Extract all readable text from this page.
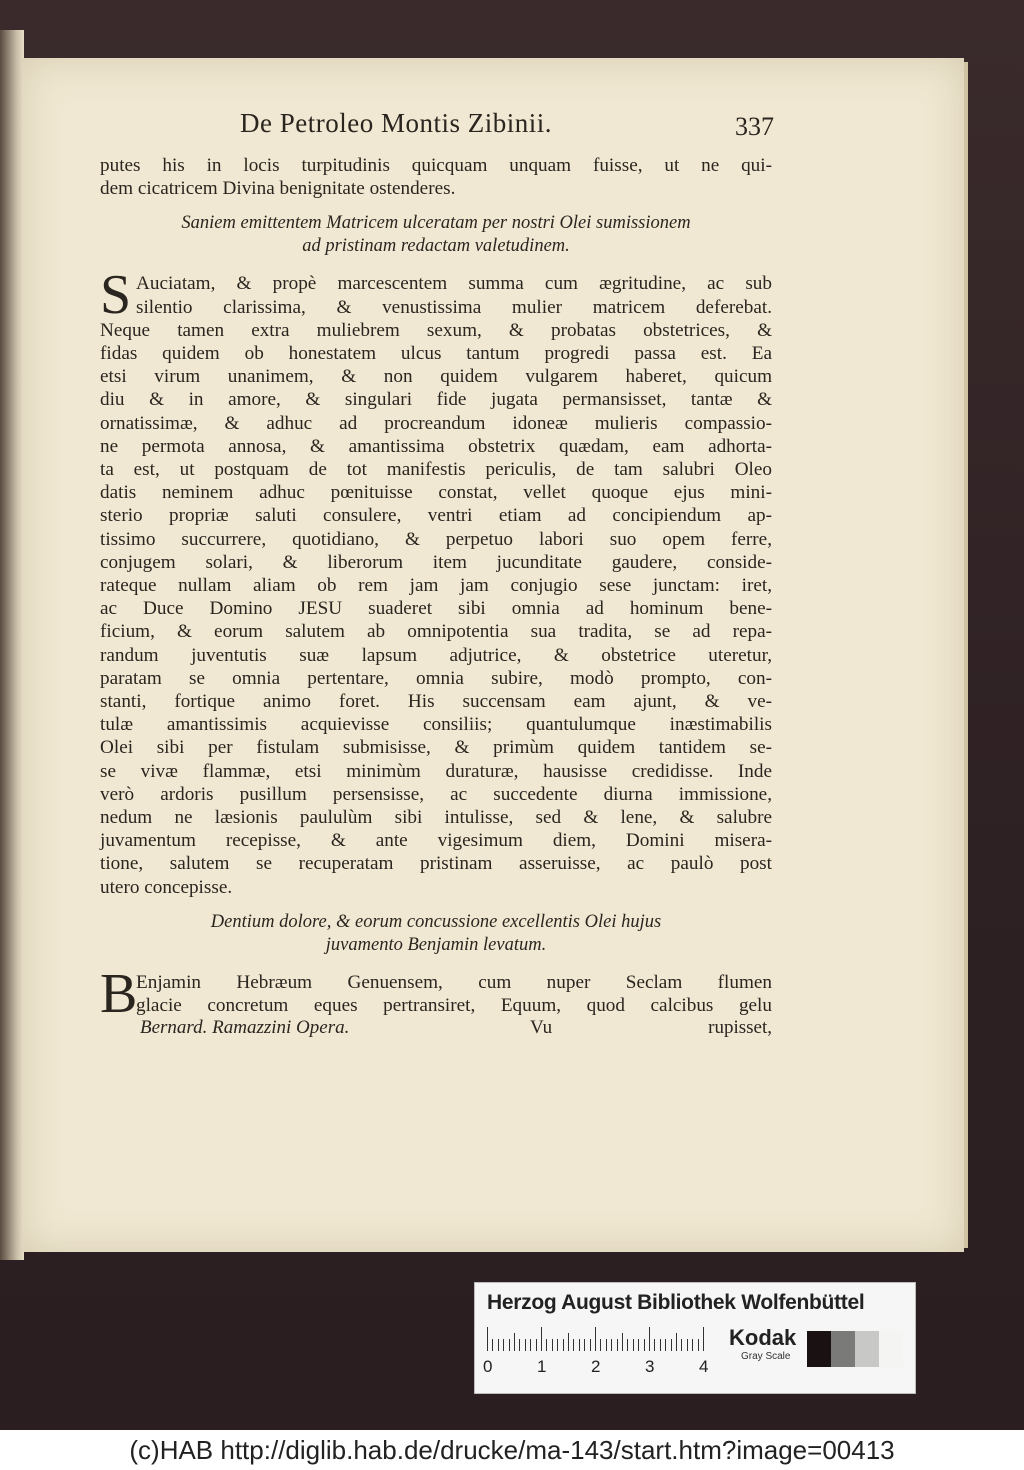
De Petroleo Montis Zibinii.	337

putes his in locis turpitudinis quicquam unquam fuisse, ut ne qui-
dem cicatricem Divina benignitate ostenderes.

Saniem emittentem Matricem ulceratam per nostri Olei sumissionem
ad pristinam redactam valetudinem.
S Auciatam, & propè marcescentem summa cum ægritudine, ac sub
silentio clarissima, & venustissima mulier matricem deferebat.
Neque tamen extra muliebrem sexum, & probatas obstetrices, &
fidas quidem ob honestatem ulcus tantum progredi passa est. Ea
etsi virum unanimem, & non quidem vulgarem haberet, quicum
diu & in amore, & singulari fide jugata permansisset, tantæ &
ornatissimæ, & adhuc ad procreandum idoneæ mulieris compassio-
ne permota annosa, & amantissima obstetrix quædam, eam adhorta-
ta est, ut postquam de tot manifestis periculis, de tam salubri Oleo
datis neminem adhuc pœnituisse constat, vellet quoque ejus mini-
sterio propriæ saluti consulere, ventri etiam ad concipiendum ap-
tissimo succurrere, quotidiano, & perpetuo labori suo opem ferre,
conjugem solari, & liberorum item jucunditate gaudere, conside-
rateque nullam aliam ob rem jam jam conjugio sese junctam: iret,
ac Duce Domino JESU suaderet sibi omnia ad hominum bene-
ficium, & eorum salutem ab omnipotentia sua tradita, se ad repa-
randum juventutis suæ lapsum adjutrice, & obstetrice uteretur,
paratam se omnia pertentare, omnia subire, modò prompto, con-
stanti, fortique animo foret. His succensam eam ajunt, & ve-
tulæ amantissimis acquievisse consiliis; quantulumque inæstimabilis
Olei sibi per fistulam submisisse, & primùm quidem tantidem se-
se vivæ flammæ, etsi minimùm duraturæ, hausisse credidisse. Inde
verò ardoris pusillum persensisse, ac succedente diurna immissione,
nedum ne læsionis paululùm sibi intulisse, sed & lene, & salubre
juvamentum recepisse, & ante vigesimum diem, Domini misera-
tione, salutem se recuperatam pristinam asseruisse, ac paulò post
utero concepisse.

Dentium dolore, & eorum concussione excellentis Olei hujus
juvamento Benjamin levatum.
B

Enjamin Hebræum Genuensem, cum nuper Seclam flumen
glacie concretum eques pertransiret, Equum, quod calcibus gelu

Bernard. Ramazzini Opera.	Vu	rupisset,
Herzog August Bibliothek Wolfenbüttel
0	1	2	3	4
Kodak
Gray Scale
(c)HAB http://diglib.hab.de/drucke/ma-143/start.htm?image=00413
